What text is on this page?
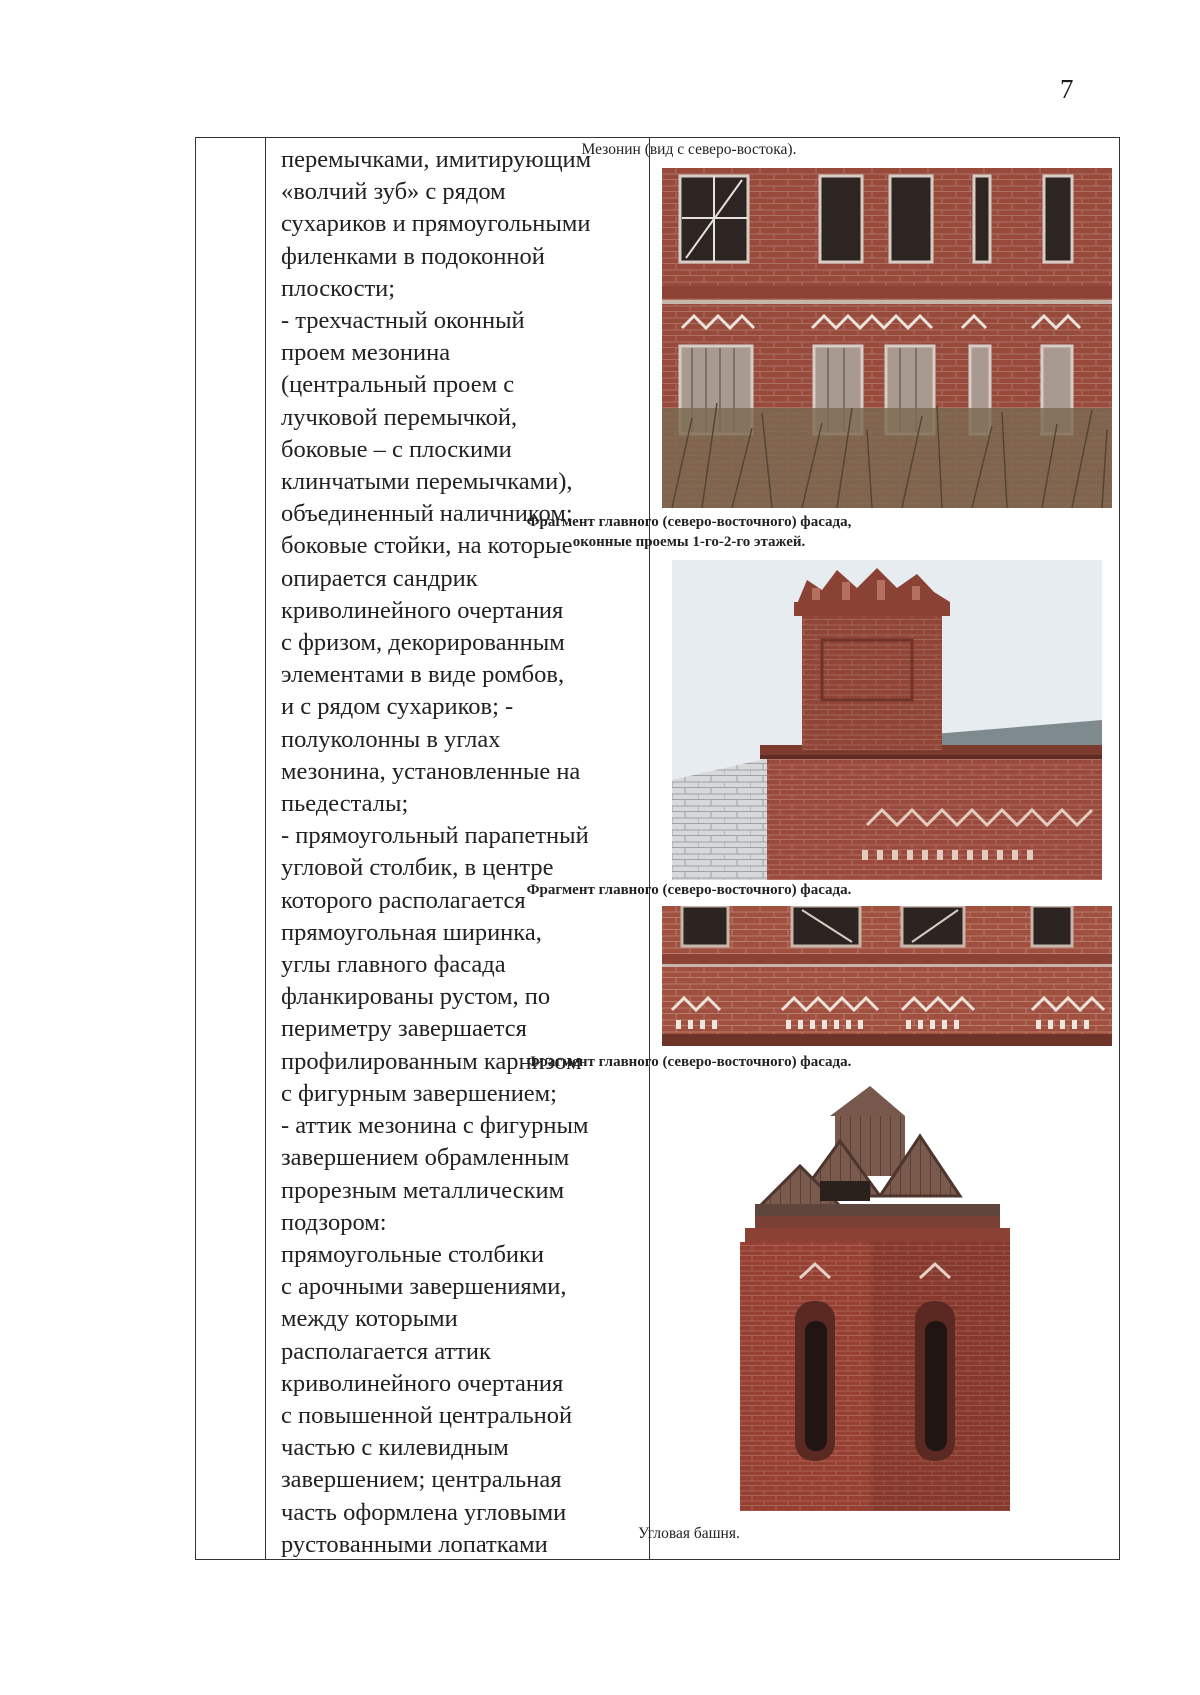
7

перемычками, имитирующим

«волчий зуб» с рядом

сухариков и прямоугольными

филенками в подоконной

плоскости;

- трехчастный оконный

проем мезонина

(центральный проем с

лучковой перемычкой,

боковые – с плоскими

клинчатыми перемычками),

объединенный наличником:

боковые стойки, на которые

опирается сандрик

криволинейного очертания

с фризом, декорированным

элементами в виде ромбов,

и с рядом сухариков; -

полуколонны в углах

мезонина, установленные на

пьедесталы;

- прямоугольный парапетный

угловой столбик, в центре

которого располагается

прямоугольная ширинка,

углы главного фасада

фланкированы рустом, по

периметру завершается

профилированным карнизом

с фигурным завершением;

- аттик мезонина с фигурным

завершением обрамленным

прорезным металлическим

подзором:

прямоугольные столбики

с арочными завершениями,

между которыми

располагается аттик

криволинейного очертания

с повышенной центральной

частью с килевидным

завершением; центральная

часть оформлена угловыми

рустованными лопатками

Мезонин (вид с северо-востока).
Фрагмент главного (северо-восточного) фасада,
оконные проемы 1-го-2-го этажей.
Фрагмент главного (северо-восточного) фасада.
Фрагмент главного (северо-восточного) фасада.
Угловая башня.
